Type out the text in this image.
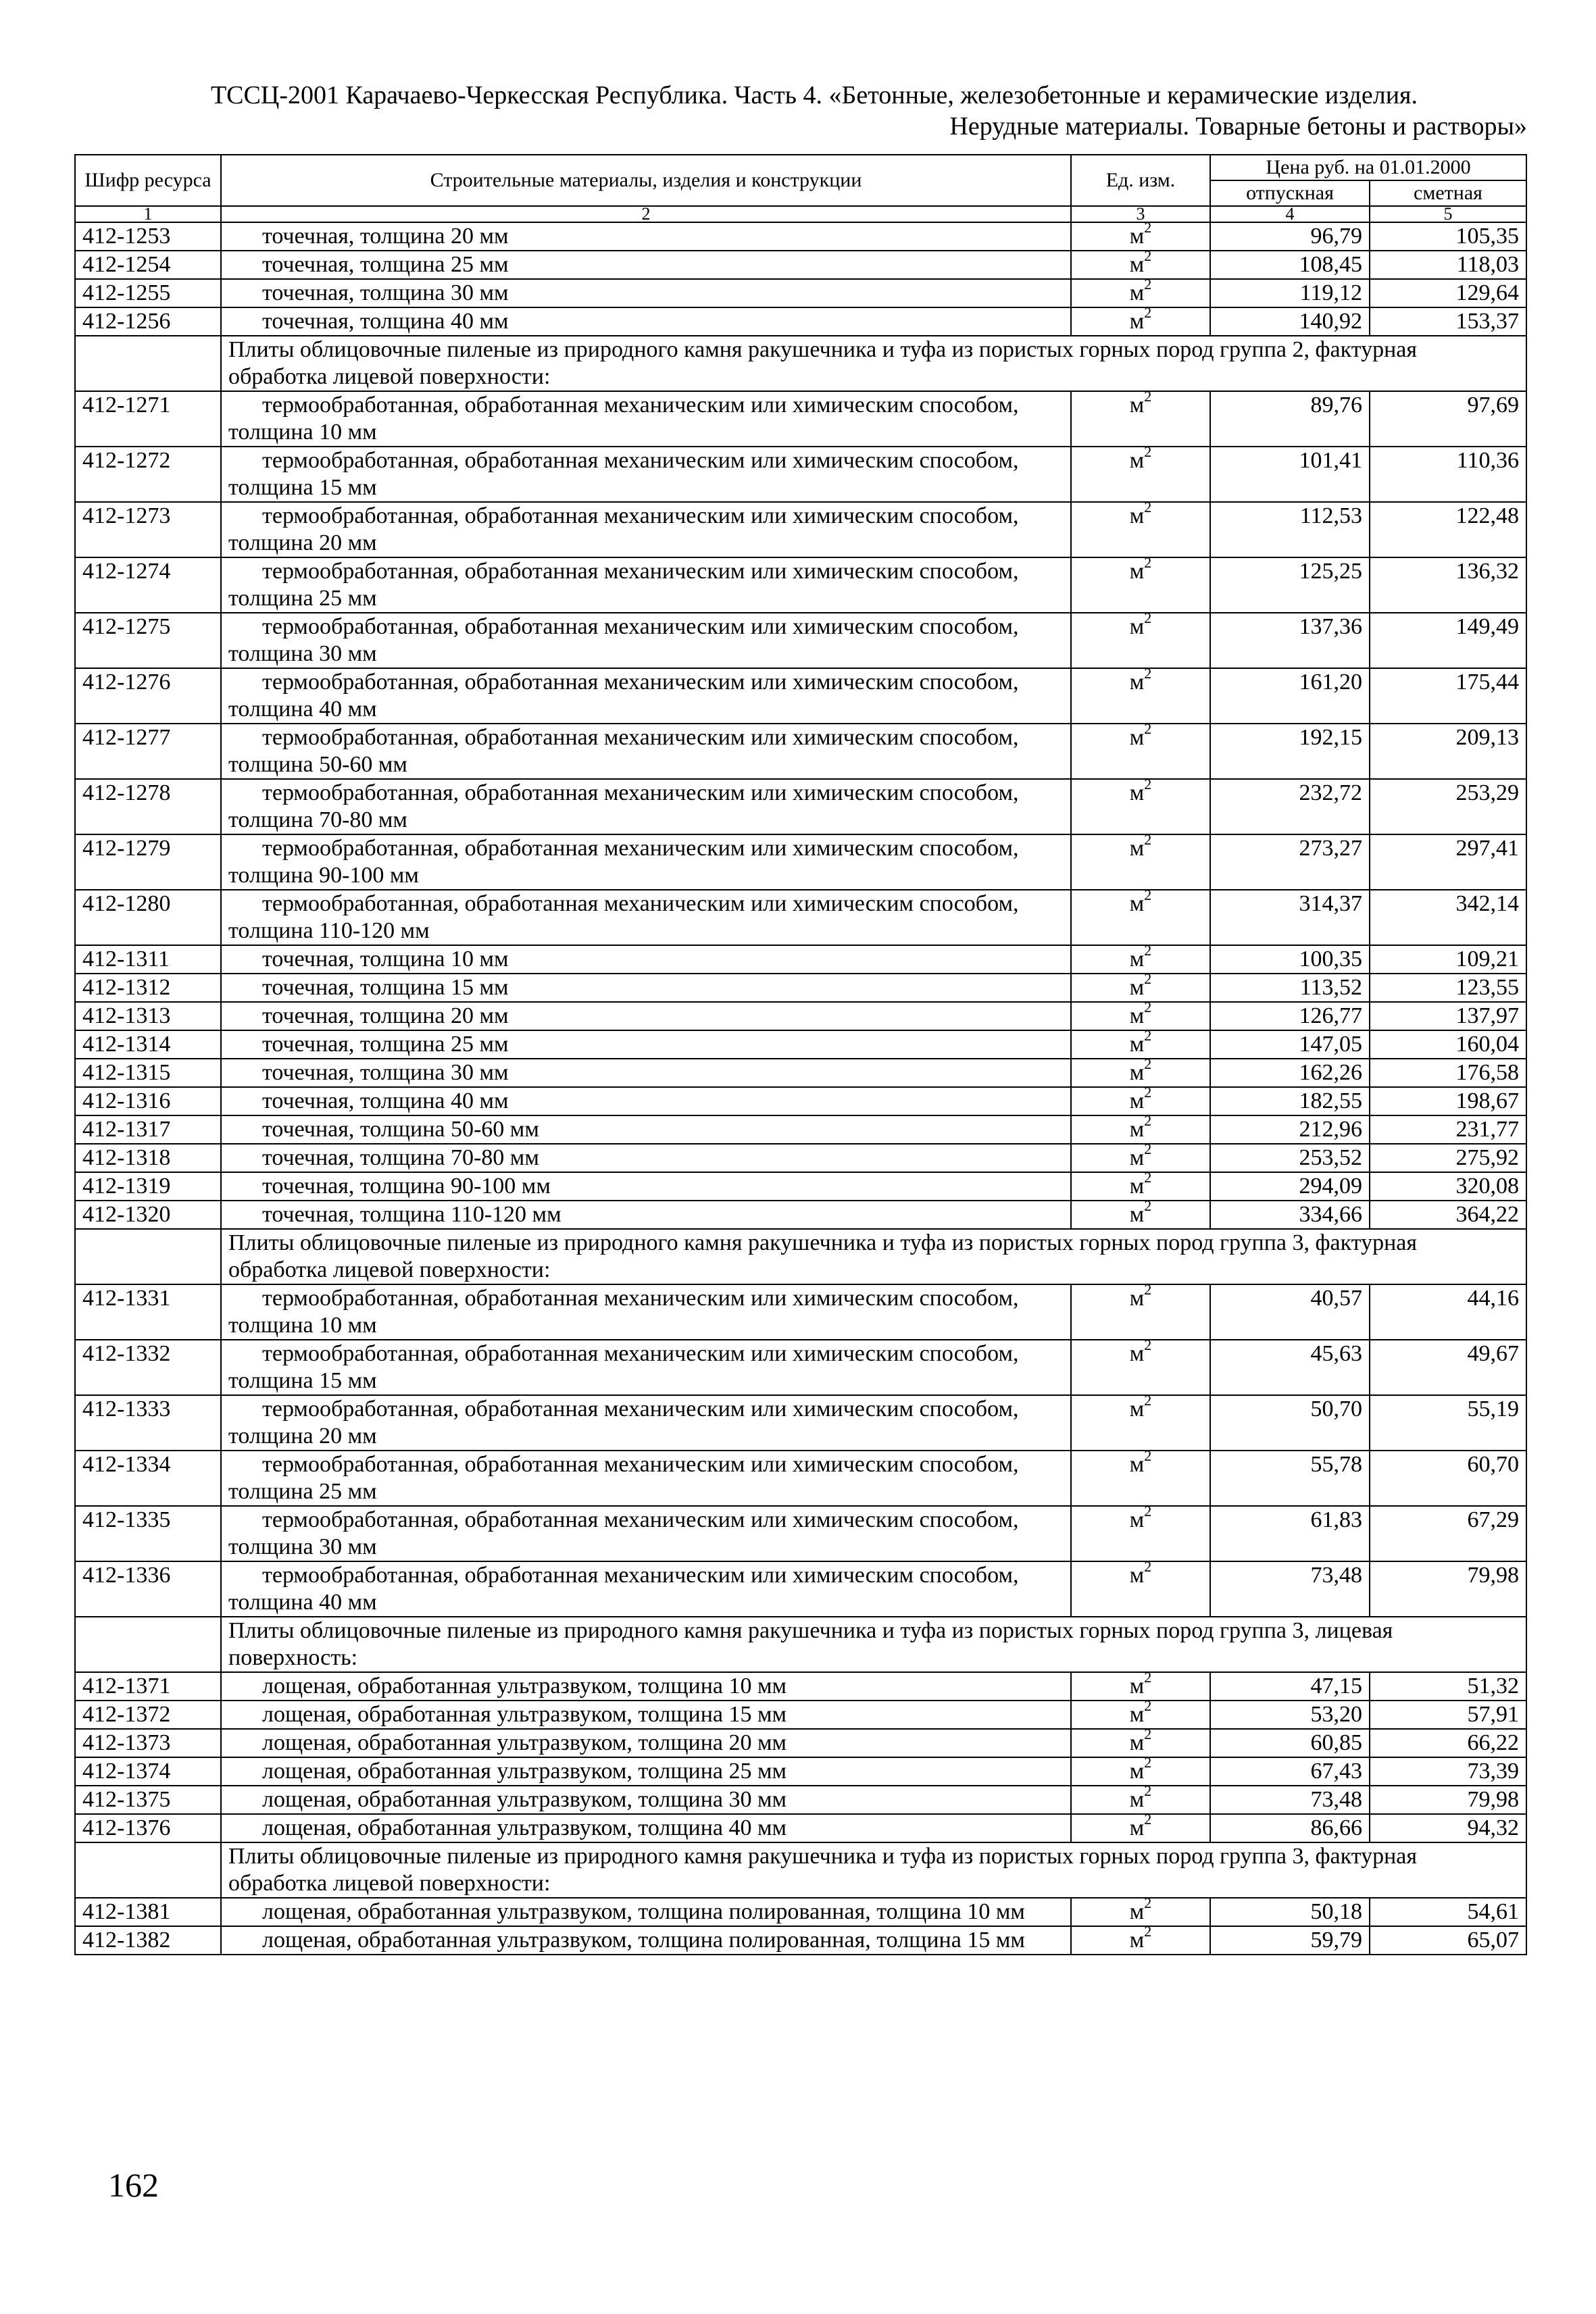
ТССЦ-2001 Карачаево-Черкесская Республика. Часть 4. «Бетонные, железобетонные и керамические изделия.
Нерудные материалы. Товарные бетоны и растворы»
Шифр ресурса	Строительные материалы, изделия и конструкции	Ед. изм.	Цена руб. на 01.01.2000	
			отпускная	сметная
1	2	3	4	5
412-1253	точечная, толщина 20 мм	$м^2$	96,79	105,35
412-1254	точечная, толщина 25 мм	$м^2$	108,45	118,03
412-1255	точечная, толщина 30 мм	$м^2$	119,12	129,64
412-1256	точечная, толщина 40 мм	$м^2$	140,92	153,37
	Плиты облицовочные пиленые из природного камня ракушечника и туфа из пористых горных пород группа 2, фактурная обработка лицевой поверхности:			
412-1271	термообработанная, обработанная механическим или химическим способом, толщина 10 мм	$м^2$	89,76	97,69
412-1272	термообработанная, обработанная механическим или химическим способом, толщина 15 мм	$м^2$	101,41	110,36
412-1273	термообработанная, обработанная механическим или химическим способом, толщина 20 мм	$м^2$	112,53	122,48
412-1274	термообработанная, обработанная механическим или химическим способом, толщина 25 мм	$м^2$	125,25	136,32
412-1275	термообработанная, обработанная механическим или химическим способом, толщина 30 мм	$м^2$	137,36	149,49
412-1276	термообработанная, обработанная механическим или химическим способом, толщина 40 мм	$м^2$	161,20	175,44
412-1277	термообработанная, обработанная механическим или химическим способом, толщина 50-60 мм	$м^2$	192,15	209,13
412-1278	термообработанная, обработанная механическим или химическим способом, толщина 70-80 мм	$м^2$	232,72	253,29
412-1279	термообработанная, обработанная механическим или химическим способом, толщина 90-100 мм	$м^2$	273,27	297,41
412-1280	термообработанная, обработанная механическим или химическим способом, толщина 110-120 мм	$м^2$	314,37	342,14
412-1311	точечная, толщина 10 мм	$м^2$	100,35	109,21
412-1312	точечная, толщина 15 мм	$м^2$	113,52	123,55
412-1313	точечная, толщина 20 мм	$м^2$	126,77	137,97
412-1314	точечная, толщина 25 мм	$м^2$	147,05	160,04
412-1315	точечная, толщина 30 мм	$м^2$	162,26	176,58
412-1316	точечная, толщина 40 мм	$м^2$	182,55	198,67
412-1317	точечная, толщина 50-60 мм	$м^2$	212,96	231,77
412-1318	точечная, толщина 70-80 мм	$м^2$	253,52	275,92
412-1319	точечная, толщина 90-100 мм	$м^2$	294,09	320,08
412-1320	точечная, толщина 110-120 мм	$м^2$	334,66	364,22
	Плиты облицовочные пиленые из природного камня ракушечника и туфа из пористых горных пород группа 3, фактурная обработка лицевой поверхности:			
412-1331	термообработанная, обработанная механическим или химическим способом, толщина 10 мм	$м^2$	40,57	44,16
412-1332	термообработанная, обработанная механическим или химическим способом, толщина 15 мм	$м^2$	45,63	49,67
412-1333	термообработанная, обработанная механическим или химическим способом, толщина 20 мм	$м^2$	50,70	55,19
412-1334	термообработанная, обработанная механическим или химическим способом, толщина 25 мм	$м^2$	55,78	60,70
412-1335	термообработанная, обработанная механическим или химическим способом, толщина 30 мм	$м^2$	61,83	67,29
412-1336	термообработанная, обработанная механическим или химическим способом, толщина 40 мм	$м^2$	73,48	79,98
	Плиты облицовочные пиленые из природного камня ракушечника и туфа из пористых горных пород группа 3, лицевая поверхность:			
412-1371	лощеная, обработанная ультразвуком, толщина 10 мм	$м^2$	47,15	51,32
412-1372	лощеная, обработанная ультразвуком, толщина 15 мм	$м^2$	53,20	57,91
412-1373	лощеная, обработанная ультразвуком, толщина 20 мм	$м^2$	60,85	66,22
412-1374	лощеная, обработанная ультразвуком, толщина 25 мм	$м^2$	67,43	73,39
412-1375	лощеная, обработанная ультразвуком, толщина 30 мм	$м^2$	73,48	79,98
412-1376	лощеная, обработанная ультразвуком, толщина 40 мм	$м^2$	86,66	94,32
	Плиты облицовочные пиленые из природного камня ракушечника и туфа из пористых горных пород группа 3, фактурная обработка лицевой поверхности:			
412-1381	лощеная, обработанная ультразвуком, толщина полированная, толщина 10 мм	$м^2$	50,18	54,61
412-1382	лощеная, обработанная ультразвуком, толщина полированная, толщина 15 мм	$м^2$	59,79	65,07
162
